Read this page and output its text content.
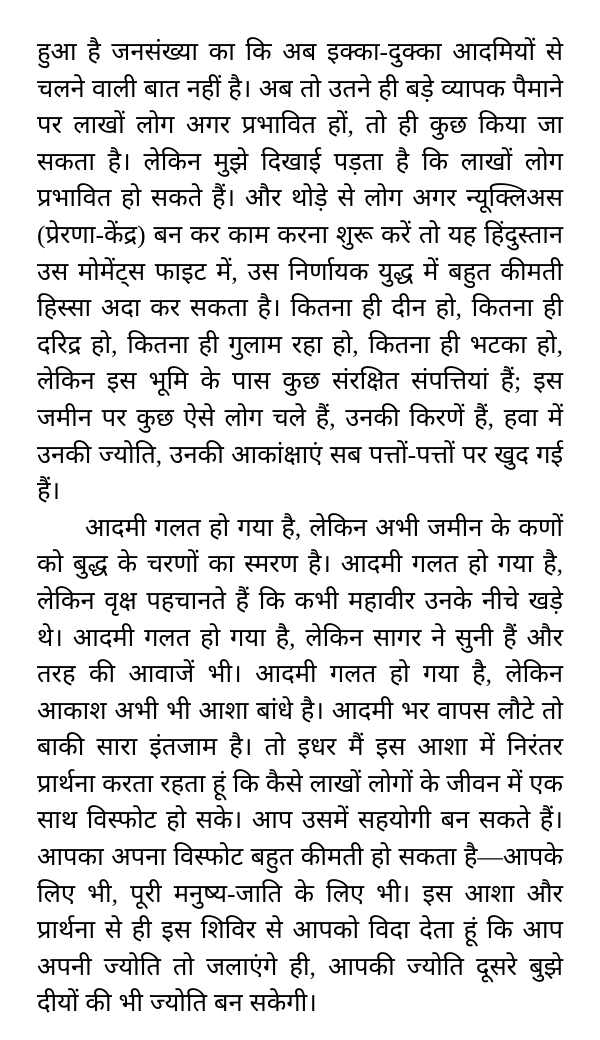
हुआ है जनसंख्या का कि अब इक्का-दुक्का आदमियों से चलने वाली बात नहीं है। अब तो उतने ही बड़े व्यापक पैमाने पर लाखों लोग अगर प्रभावित हों, तो ही कुछ किया जा सकता है। लेकिन मुझे दिखाई पड़ता है कि लाखों लोग प्रभावित हो सकते हैं। और थोड़े से लोग अगर न्यूक्लिअस (प्रेरणा-केंद्र) बन कर काम करना शुरू करें तो यह हिंदुस्तान उस मोमेंट्स फाइट में, उस निर्णायक युद्ध में बहुत कीमती हिस्सा अदा कर सकता है। कितना ही दीन हो, कितना ही दरिद्र हो, कितना ही गुलाम रहा हो, कितना ही भटका हो, लेकिन इस भूमि के पास कुछ संरक्षित संपत्तियां हैं; इस जमीन पर कुछ ऐसे लोग चले हैं, उनकी किरणें हैं, हवा में उनकी ज्योति, उनकी आकांक्षाएं सब पत्तों-पत्तों पर खुद गई हैं।

आदमी गलत हो गया है, लेकिन अभी जमीन के कणों को बुद्ध के चरणों का स्मरण है। आदमी गलत हो गया है, लेकिन वृक्ष पहचानते हैं कि कभी महावीर उनके नीचे खड़े थे। आदमी गलत हो गया है, लेकिन सागर ने सुनी हैं और तरह की आवाजें भी। आदमी गलत हो गया है, लेकिन आकाश अभी भी आशा बांधे है। आदमी भर वापस लौटे तो बाकी सारा इंतजाम है। तो इधर मैं इस आशा में निरंतर प्रार्थना करता रहता हूं कि कैसे लाखों लोगों के जीवन में एक साथ विस्फोट हो सके। आप उसमें सहयोगी बन सकते हैं। आपका अपना विस्फोट बहुत कीमती हो सकता है—आपके लिए भी, पूरी मनुष्य-जाति के लिए भी। इस आशा और प्रार्थना से ही इस शिविर से आपको विदा देता हूं कि आप अपनी ज्योति तो जलाएंगे ही, आपकी ज्योति दूसरे बुझे दीयों की भी ज्योति बन सकेगी।
